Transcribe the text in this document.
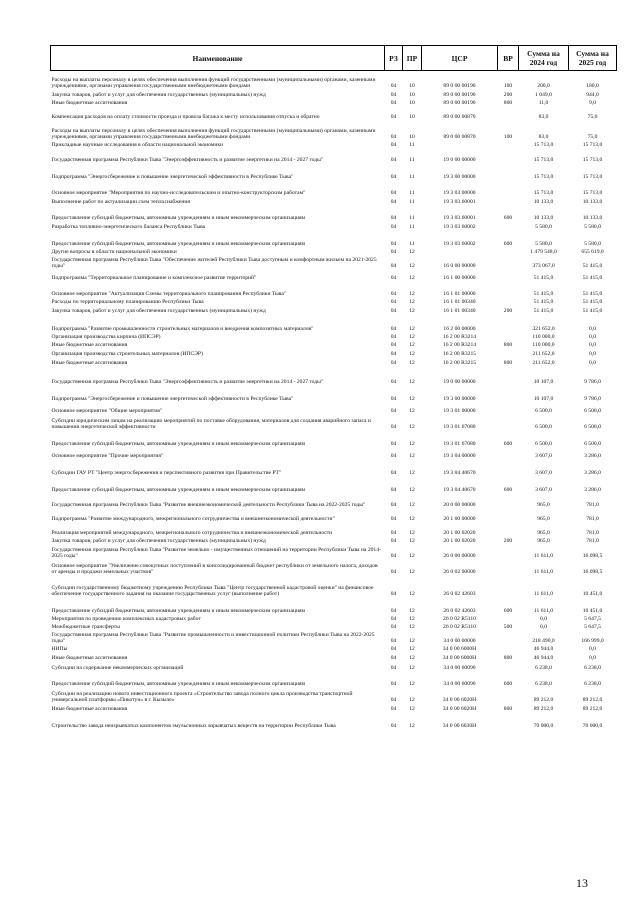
Наименование	РЗ	ПР	ЦСР	ВР	Сумма на 2024 год	Сумма на 2025 год
Расходы на выплаты персоналу в целях обеспечения выполнения функций государственными (муниципальными) органами, казенными учреждениями, органами управления государственными внебюджетными фондами	04	10	89 0 00 00190	100	200,0	180,0
Закупка товаров, работ и услуг для обеспечения государственных (муниципальных) нужд	04	10	89 0 00 00190	200	1 049,0	944,0
Иные бюджетные ассигнования	04	10	89 0 00 00190	800	11,0	9,0
Компенсация расходов на оплату стоимости проезда и провоза багажа к месту использования отпуска и обратно	04	10	89 0 00 00870		83,0	75,0
Расходы на выплаты персоналу в целях обеспечения выполнения функций государственными (муниципальными) органами, казенными учреждениями, органами управления государственными внебюджетными фондами	04	10	89 0 00 00870	100	83,0	75,0
Прикладные научные исследования в области национальной экономики	04	11			15 713,0	15 713,0
Государственная программа Республики Тыва "Энергоэффективность и развитие энергетики на 2014 - 2027 годы"	04	11	19 0 00 00000		15 713,0	15 713,0
Подпрограмма "Энергосбережение и повышение энергетической эффективности в Республике Тыва"	04	11	19 3 00 00000		15 713,0	15 713,0
Основное мероприятие "Мероприятия по научно-исследовательским и опытно-конструкторским работам"	04	11	19 3 03 00000		15 713,0	15 713,0
Выполнение работ по актуализации схем теплоснабжения	04	11	19 3 03 60001		10 133,0	10 133,0
Предоставление субсидий бюджетным, автономным учреждениям и иным некоммерческим организациям	04	11	19 3 03 60001	600	10 133,0	10 133,0
Разработка топливно-энергетического баланса Республики Тыва	04	11	19 3 03 60002		5 580,0	5 580,0
Предоставление субсидий бюджетным, автономным учреждениям и иным некоммерческим организациям	04	11	19 3 03 60002	600	5 580,0	5 580,0
Другие вопросы в области национальной экономики	04	12			1 479 548,0	655 619,0
Государственная программа Республики Тыва "Обеспечение жителей Республики Тыва доступным и комфортным жильем на 2021-2025 годы"	04	12	16 0 00 00000		373 067,0	51 415,0
Подпрограмма "Территориальное планирование и комплексное развитие территорий"	04	12	16 1 00 00000		51 415,0	51 415,0
Основное мероприятие "Актуализация Схемы территориального планирования Республики Тыва"	04	12	16 1 01 00000		51 415,0	51 415,0
Расходы по территориальному планированию Республики Тыва	04	12	16 1 01 00340		51 415,0	51 415,0
Закупка товаров, работ и услуг для обеспечения государственных (муниципальных) нужд	04	12	16 1 01 00340	200	51 415,0	51 415,0
Подпрограмма "Развитие промышленности строительных материалов и внедрения композитных материалов"	04	12	16 2 00 00000		321 652,0	0,0
Организация производства кирпича (ИПСЭР)	04	12	16 2 00 R3214		110 000,0	0,0
Иные бюджетные ассигнования	04	12	16 2 00 R3214	800	110 000,0	0,0
Организация производства строительных материалов (ИПСЭР)	04	12	16 2 00 R3215		211 652,0	0,0
Иные бюджетные ассигнования	04	12	16 2 00 R3215	800	211 652,0	0,0
Государственная программа Республики Тыва "Энергоэффективность и развитие энергетики на 2014 - 2027 годы"	04	12	19 0 00 00000		10 107,0	9 786,0
Подпрограмма "Энергосбережение и повышение энергетической эффективности в Республике Тыва"	04	12	19 3 00 00000		10 107,0	9 786,0
Основное мероприятие "Общие мероприятия"	04	12	19 3 01 00000		6 500,0	6 500,0
Субсидии юридическим лицам на реализацию мероприятий по поставке оборудования, материалов для создания аварийного запаса и повышения энергетической эффективности	04	12	19 3 01 67080		6 500,0	6 500,0
Предоставление субсидий бюджетным, автономным учреждениям и иным некоммерческим организациям	04	12	19 3 01 67080	600	6 500,0	6 500,0
Основное мероприятие "Прочие мероприятия"	04	12	19 3 04 00000		3 607,0	3 286,0
Субсидии ГАУ РТ "Центр энергосбережения и перспективного развития при Правительстве РТ"	04	12	19 3 04 40670		3 607,0	3 286,0
Предоставление субсидий бюджетным, автономным учреждениям и иным некоммерческим организациям	04	12	19 3 04 40670	600	3 607,0	3 286,0
Государственная программа Республики Тыва "Развитие внешнеэкономической деятельности Республики Тыва на 2022-2025 годы"	04	12	20 0 00 00000		965,0	781,0
Подпрограмма "Развитие международного, межрегионального сотрудничества и внешнеэкономической деятельности"	04	12	20 1 00 00000		965,0	781,0
Реализация мероприятий международного, межрегионального сотрудничества и внешнеэкономической деятельности	04	12	20 1 00 02020		965,0	781,0
Закупка товаров, работ и услуг для обеспечения государственных (муниципальных) нужд	04	12	20 1 00 02020	200	965,0	781,0
Государственная программа Республики Тыва "Развитие земельно - имущественных отношений на территории Республики Тыва на 2014-2025 годы"	04	12	26 0 00 00000		11 611,0	16 098,5
Основное мероприятие "Увеличение совокупных поступлений в консолидированный бюджет республики от земельного налога, доходов от аренды и продажи земельных участков"	04	12	26 0 02 00000		11 611,0	16 098,5
Субсидии государственному бюджетному учреждению Республики Тыва "Центр государственной кадастровой оценки" на финансовое обеспечение государственного задания на оказание государственных услуг (выполнение работ)	04	12	26 0 02 42603		11 611,0	10 451,0
Предоставление субсидий бюджетным, автономным учреждениям и иным некоммерческим организациям	04	12	26 0 02 42603	600	11 611,0	10 451,0
Мероприятия по проведению комплексных кадастровых работ	04	12	26 0 02 R5110		0,0	5 647,5
Межбюджетные трансферты	04	12	26 0 02 R5110	500	0,0	5 647,5
Государственная программа Республики Тыва "Развитие промышленности и инвестиционной политики Республики Тыва на 2022-2025 годы"	04	12	34 0 00 00000		218 490,0	166 999,0
НИПы	04	12	34 0 00 6000Н		46 944,0	0,0
Иные бюджетные ассигнования	04	12	34 0 00 6000Н	800	46 944,0	0,0
Субсидии на содержание некоммерческих организаций	04	12	34 0 00 60090		6 238,0	6 238,0
Предоставление субсидий бюджетным, автономным учреждениям и иным некоммерческим организациям	04	12	34 0 00 60090	600	6 238,0	6 238,0
Субсидии на реализацию нового инвестиционного проекта «Строительство завода полного цикла производства транспортной универсальной платформы «Пикотун» в г. Кызыле»	04	12	34 0 00 6020Н		89 212,0	89 212,0
Иные бюджетные ассигнования	04	12	34 0 00 6020Н	800	89 212,0	89 212,0
Строительство завода неизрывчатых компонентов эмульсионных взрывчатых веществ на территории Республики Тыва	04	12	34 0 00 6030Н		70 000,0	70 000,0
13
